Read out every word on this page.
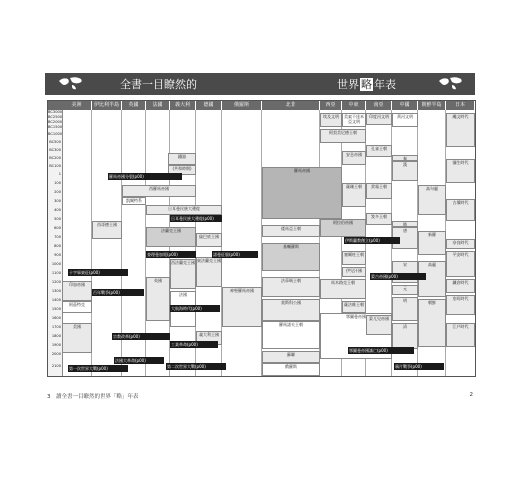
全書一目瞭然的	世界 略 年表
美洲	伊比利半島	英國	法國	義大利	德國	俄羅斯	北非	西亞	中東	南亞	中國	朝鮮半島	日本
BC3000
BC2500
BC2000
BC1500
BC1000
BC500
BC300
BC200
BC100
1
100
200
300
400
500
600
700
800
900
1000
1100
1200
1300
1400
1500
1600
1700
1800
1900
2000
2100
鐵器
(共和時期)
西羅馬帝國
凱爾特系
日耳曼民族大遷徙
西哥德王國
法蘭克王國
倫巴底王國
西法蘭克王國 東法蘭克王國
神聖羅馬帝國
英國
法國
義大利王國
基輔羅斯
莫斯科公國
羅馬諾夫王朝
蘇聯
俄羅斯
羅馬帝國
倭馬亞王朝
法蒂瑪王朝	馬木路克王朝
鄂圖曼帝國
埃及文明	美索不達米亞文明
阿契美尼德王朝
安息帝國
薩珊王朝
阿拉伯帝國
塞爾柱王朝
伊兒汗國
薩法維王朝
印度河文明
孔雀王朝
貴霜王朝
笈多王朝
蒙兀兒帝國
黃河文明
秦
漢
隋
唐
宋
元
明
清
高句麗
新羅
高麗
朝鮮
繩文時代
彌生時代
古墳時代
奈良時代
平安時代
鎌倉時代
室町時代
江戶時代
印加帝國
阿茲特克
美國
羅馬帝國分裂(p00)
日耳曼民族大遷徙(p00)
查理曼加冕(p00)	諾曼征服(p00)
十字軍東征(p00)
百年戰爭(p00)
大航海時代(p00)
宗教改革(p00)
工業革命(p00)
法國大革命(p00)
第一次世界大戰(p00)	第二次世界大戰(p00)
伊斯蘭教創立(p00)
蒙古帝國(p00)
鄂圖曼帝國滅亡(p00)
鴉片戰爭(p00)
3　讀全書一目瞭然的世界「略」年表	2
